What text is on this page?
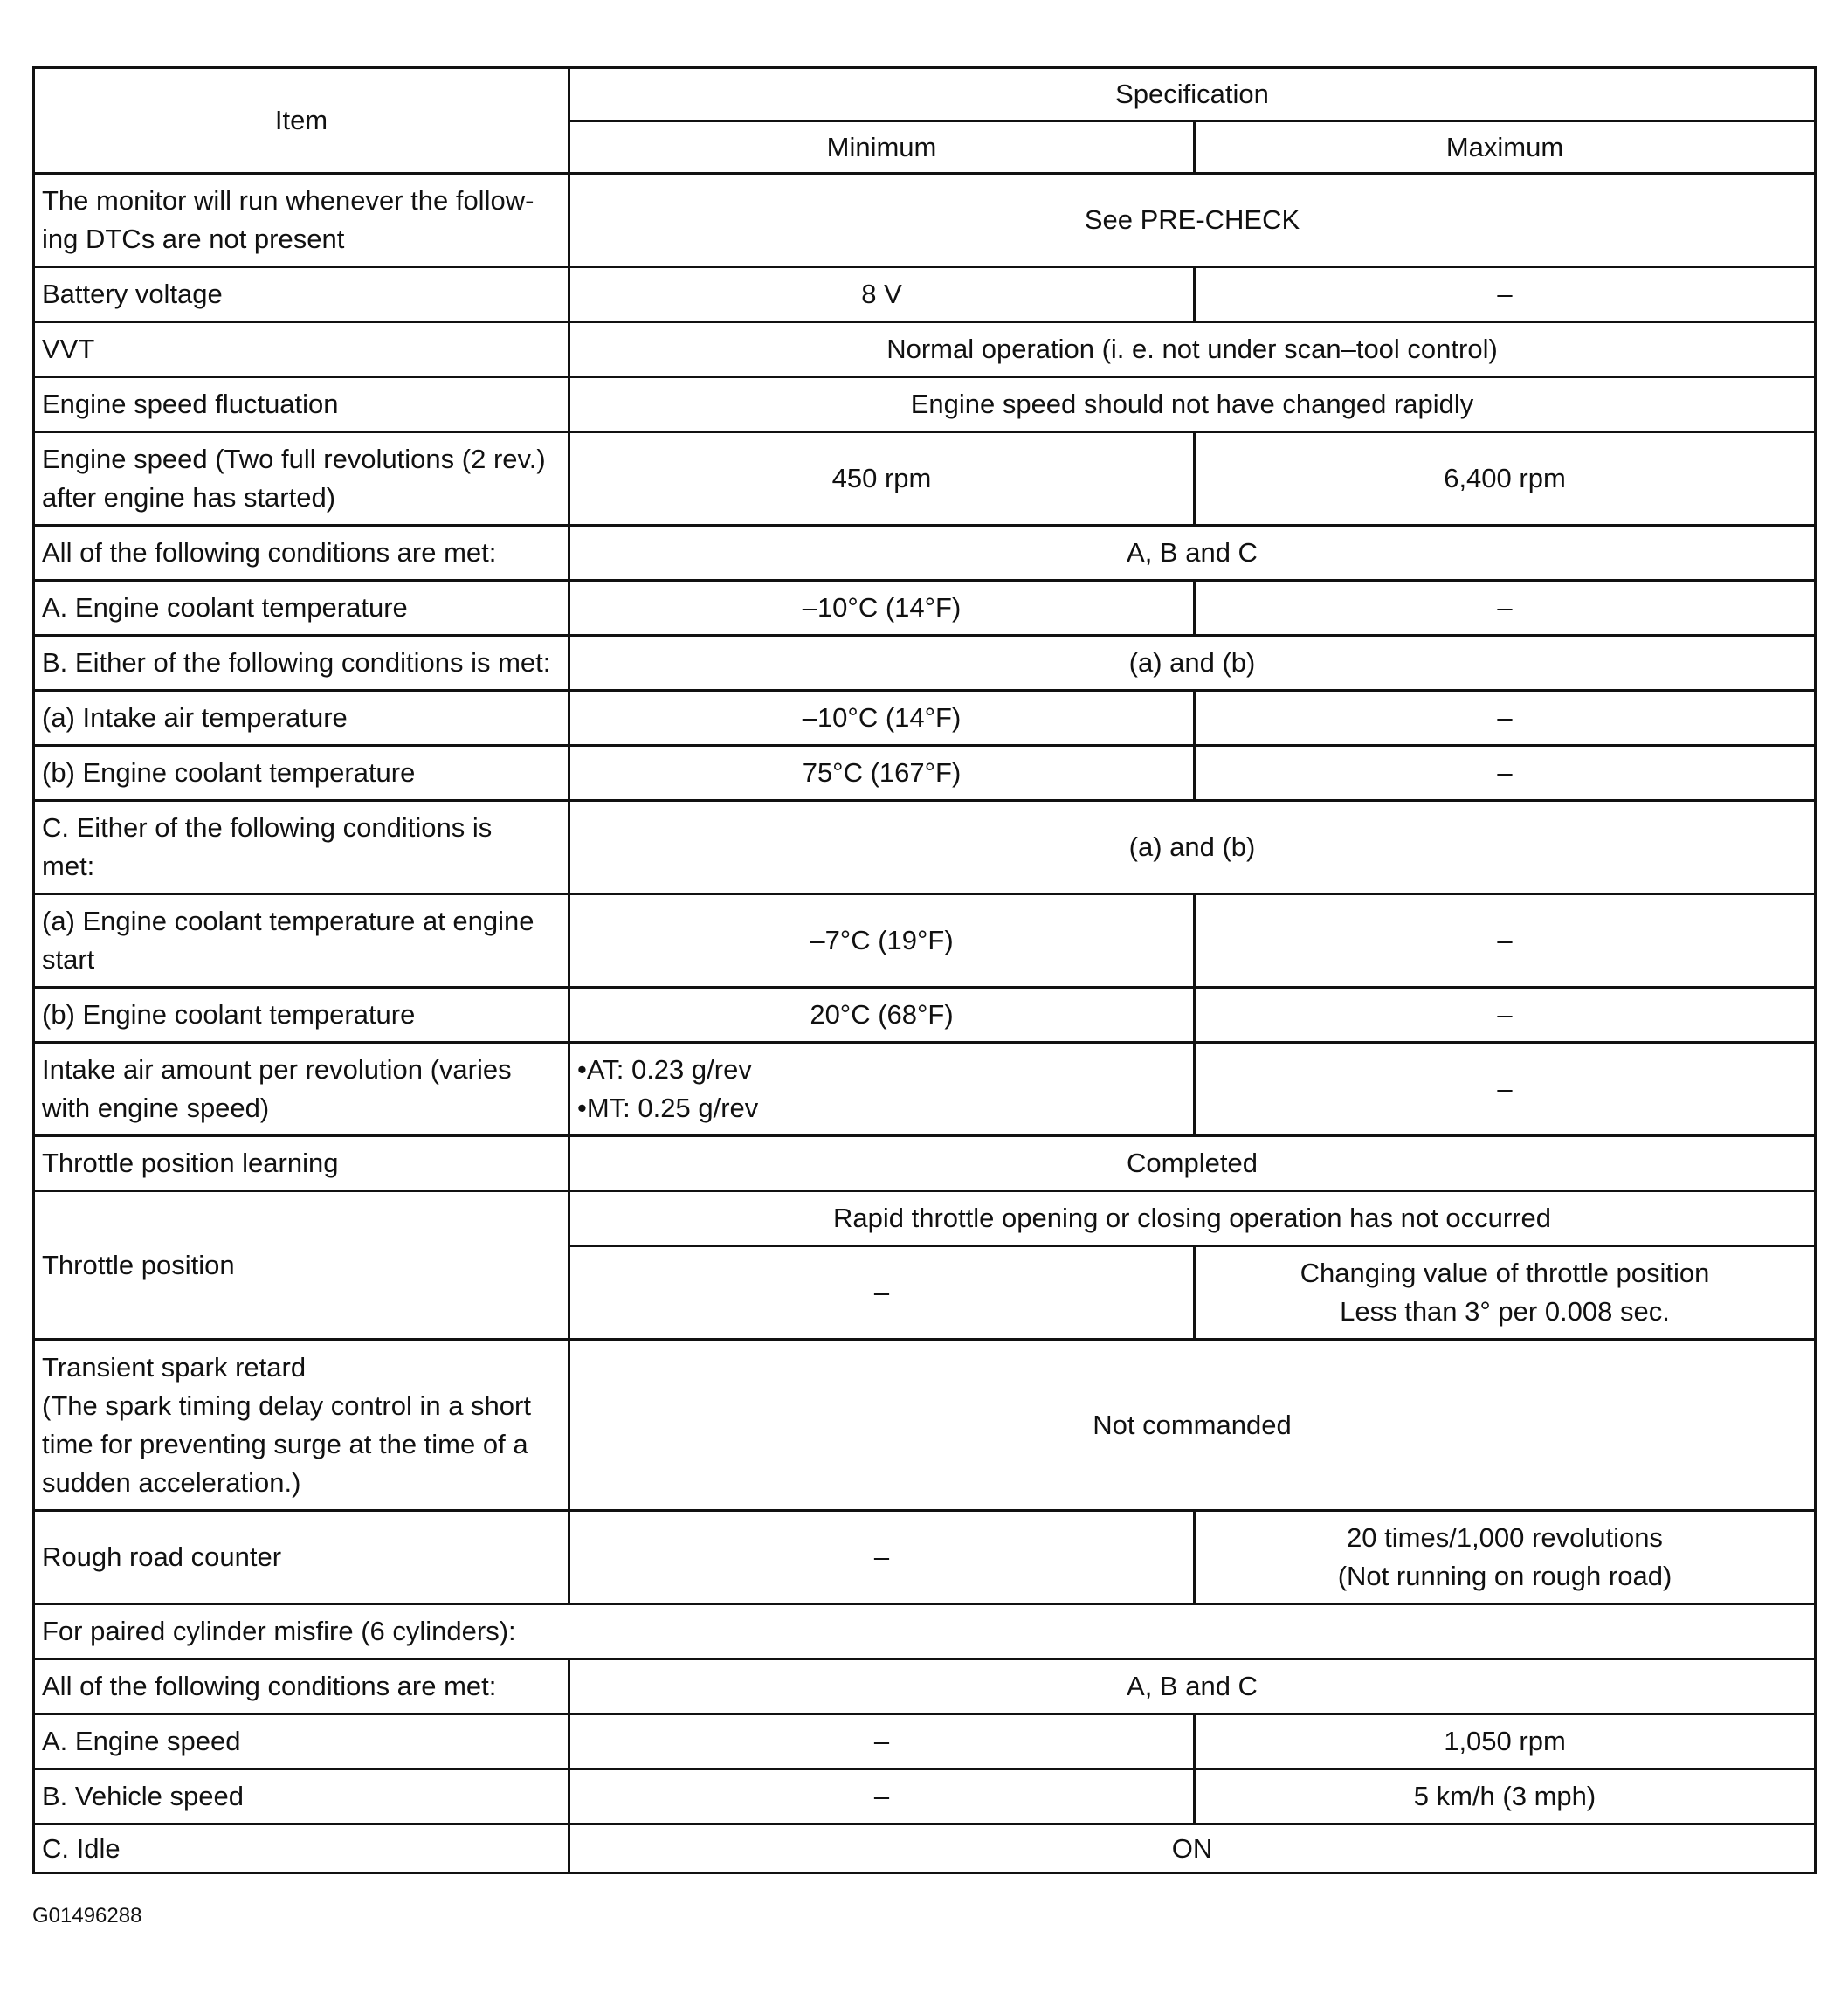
Item	Specification	
	Minimum	Maximum

The monitor will run whenever the follow-
ing DTCs are not present	See PRE-CHECK	
Battery voltage	8 V	–
VVT	Normal operation (i. e. not under scan–tool control)	
Engine speed fluctuation	Engine speed should not have changed rapidly	

Engine speed (Two full revolutions (2 rev.)
after engine has started)	450 rpm	6,400 rpm
All of the following conditions are met:	A, B and C	
A. Engine coolant temperature	–10°C (14°F)	–
B. Either of the following conditions is met:	(a) and (b)	
(a) Intake air temperature	–10°C (14°F)	–
(b) Engine coolant temperature	75°C (167°F)	–

C. Either of the following conditions is
met:	(a) and (b)	

(a) Engine coolant temperature at engine
start	–7°C (19°F)	–
(b) Engine coolant temperature	20°C (68°F)	–

Intake air amount per revolution (varies
with engine speed)	•AT: 0.23 g/rev
•MT: 0.25 g/rev	–
Throttle position learning	Completed	
Throttle position	Rapid throttle opening or closing operation has not occurred	
	–	Changing value of throttle position
Less than 3° per 0.008 sec.

Transient spark retard
(The spark timing delay control in a short
time for preventing surge at the time of a
sudden acceleration.)	Not commanded	
Rough road counter	–	20 times/1,000 revolutions
(Not running on rough road)

For paired cylinder misfire (6 cylinders):		
All of the following conditions are met:	A, B and C	
A. Engine speed	–	1,050 rpm
B. Vehicle speed	–	5 km/h (3 mph)
C. Idle	ON	
G01496288
